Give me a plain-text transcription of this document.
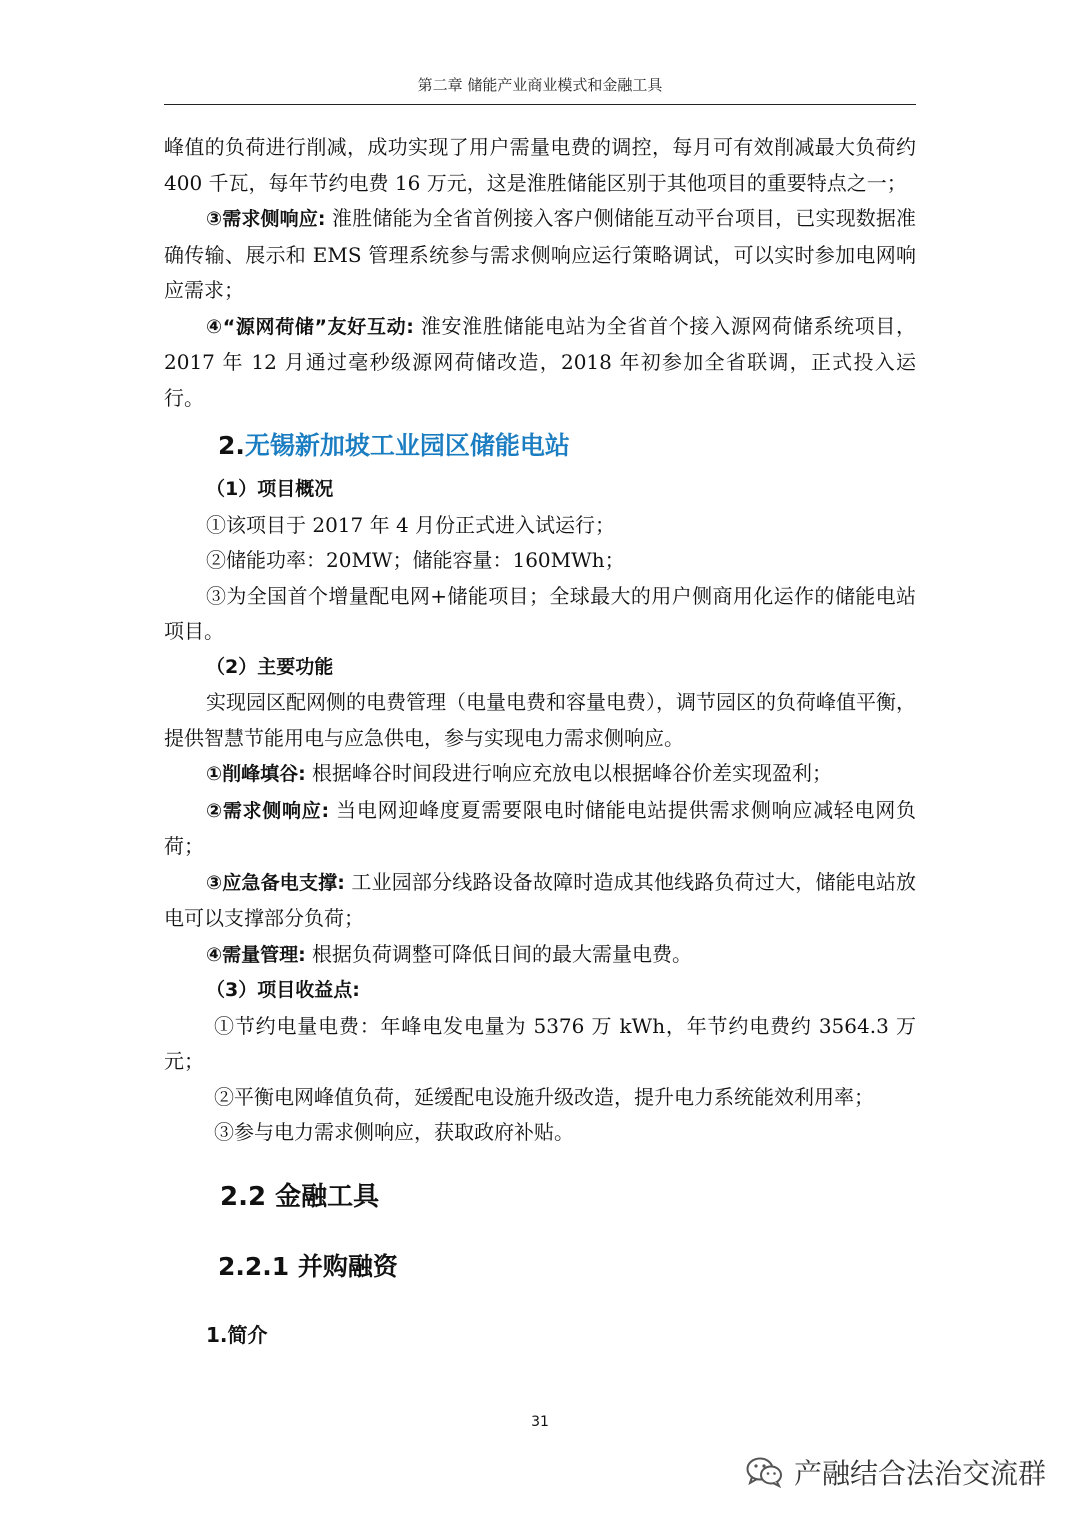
第二章 储能产业商业模式和金融工具

峰值的负荷进行削减，成功实现了用户需量电费的调控，每月可有效削减最大负荷约 400 千瓦，每年节约电费 16 万元，这是淮胜储能区别于其他项目的重要特点之一；

③需求侧响应: 淮胜储能为全省首例接入客户侧储能互动平台项目，已实现数据准确传输、展示和 EMS 管理系统参与需求侧响应运行策略调试，可以实时参加电网响应需求；

④“源网荷储”友好互动: 淮安淮胜储能电站为全省首个接入源网荷储系统项目，2017 年 12 月通过毫秒级源网荷储改造，2018 年初参加全省联调，正式投入运行。

2.无锡新加坡工业园区储能电站
（1）项目概况

①该项目于 2017 年 4 月份正式进入试运行；

②储能功率：20MW；储能容量：160MWh；

③为全国首个增量配电网+储能项目；全球最大的用户侧商用化运作的储能电站项目。

（2）主要功能

实现园区配网侧的电费管理（电量电费和容量电费），调节园区的负荷峰值平衡，提供智慧节能用电与应急供电，参与实现电力需求侧响应。

①削峰填谷: 根据峰谷时间段进行响应充放电以根据峰谷价差实现盈利；

②需求侧响应: 当电网迎峰度夏需要限电时储能电站提供需求侧响应减轻电网负荷；

③应急备电支撑: 工业园部分线路设备故障时造成其他线路负荷过大，储能电站放电可以支撑部分负荷；

④需量管理: 根据负荷调整可降低日间的最大需量电费。

（3）项目收益点:

①节约电量电费：年峰电发电量为 5376 万 kWh，年节约电费约 3564.3 万元；

②平衡电网峰值负荷，延缓配电设施升级改造，提升电力系统能效利用率；

③参与电力需求侧响应，获取政府补贴。

2.2 金融工具
2.2.1 并购融资
1.简介
31
产融结合法治交流群
